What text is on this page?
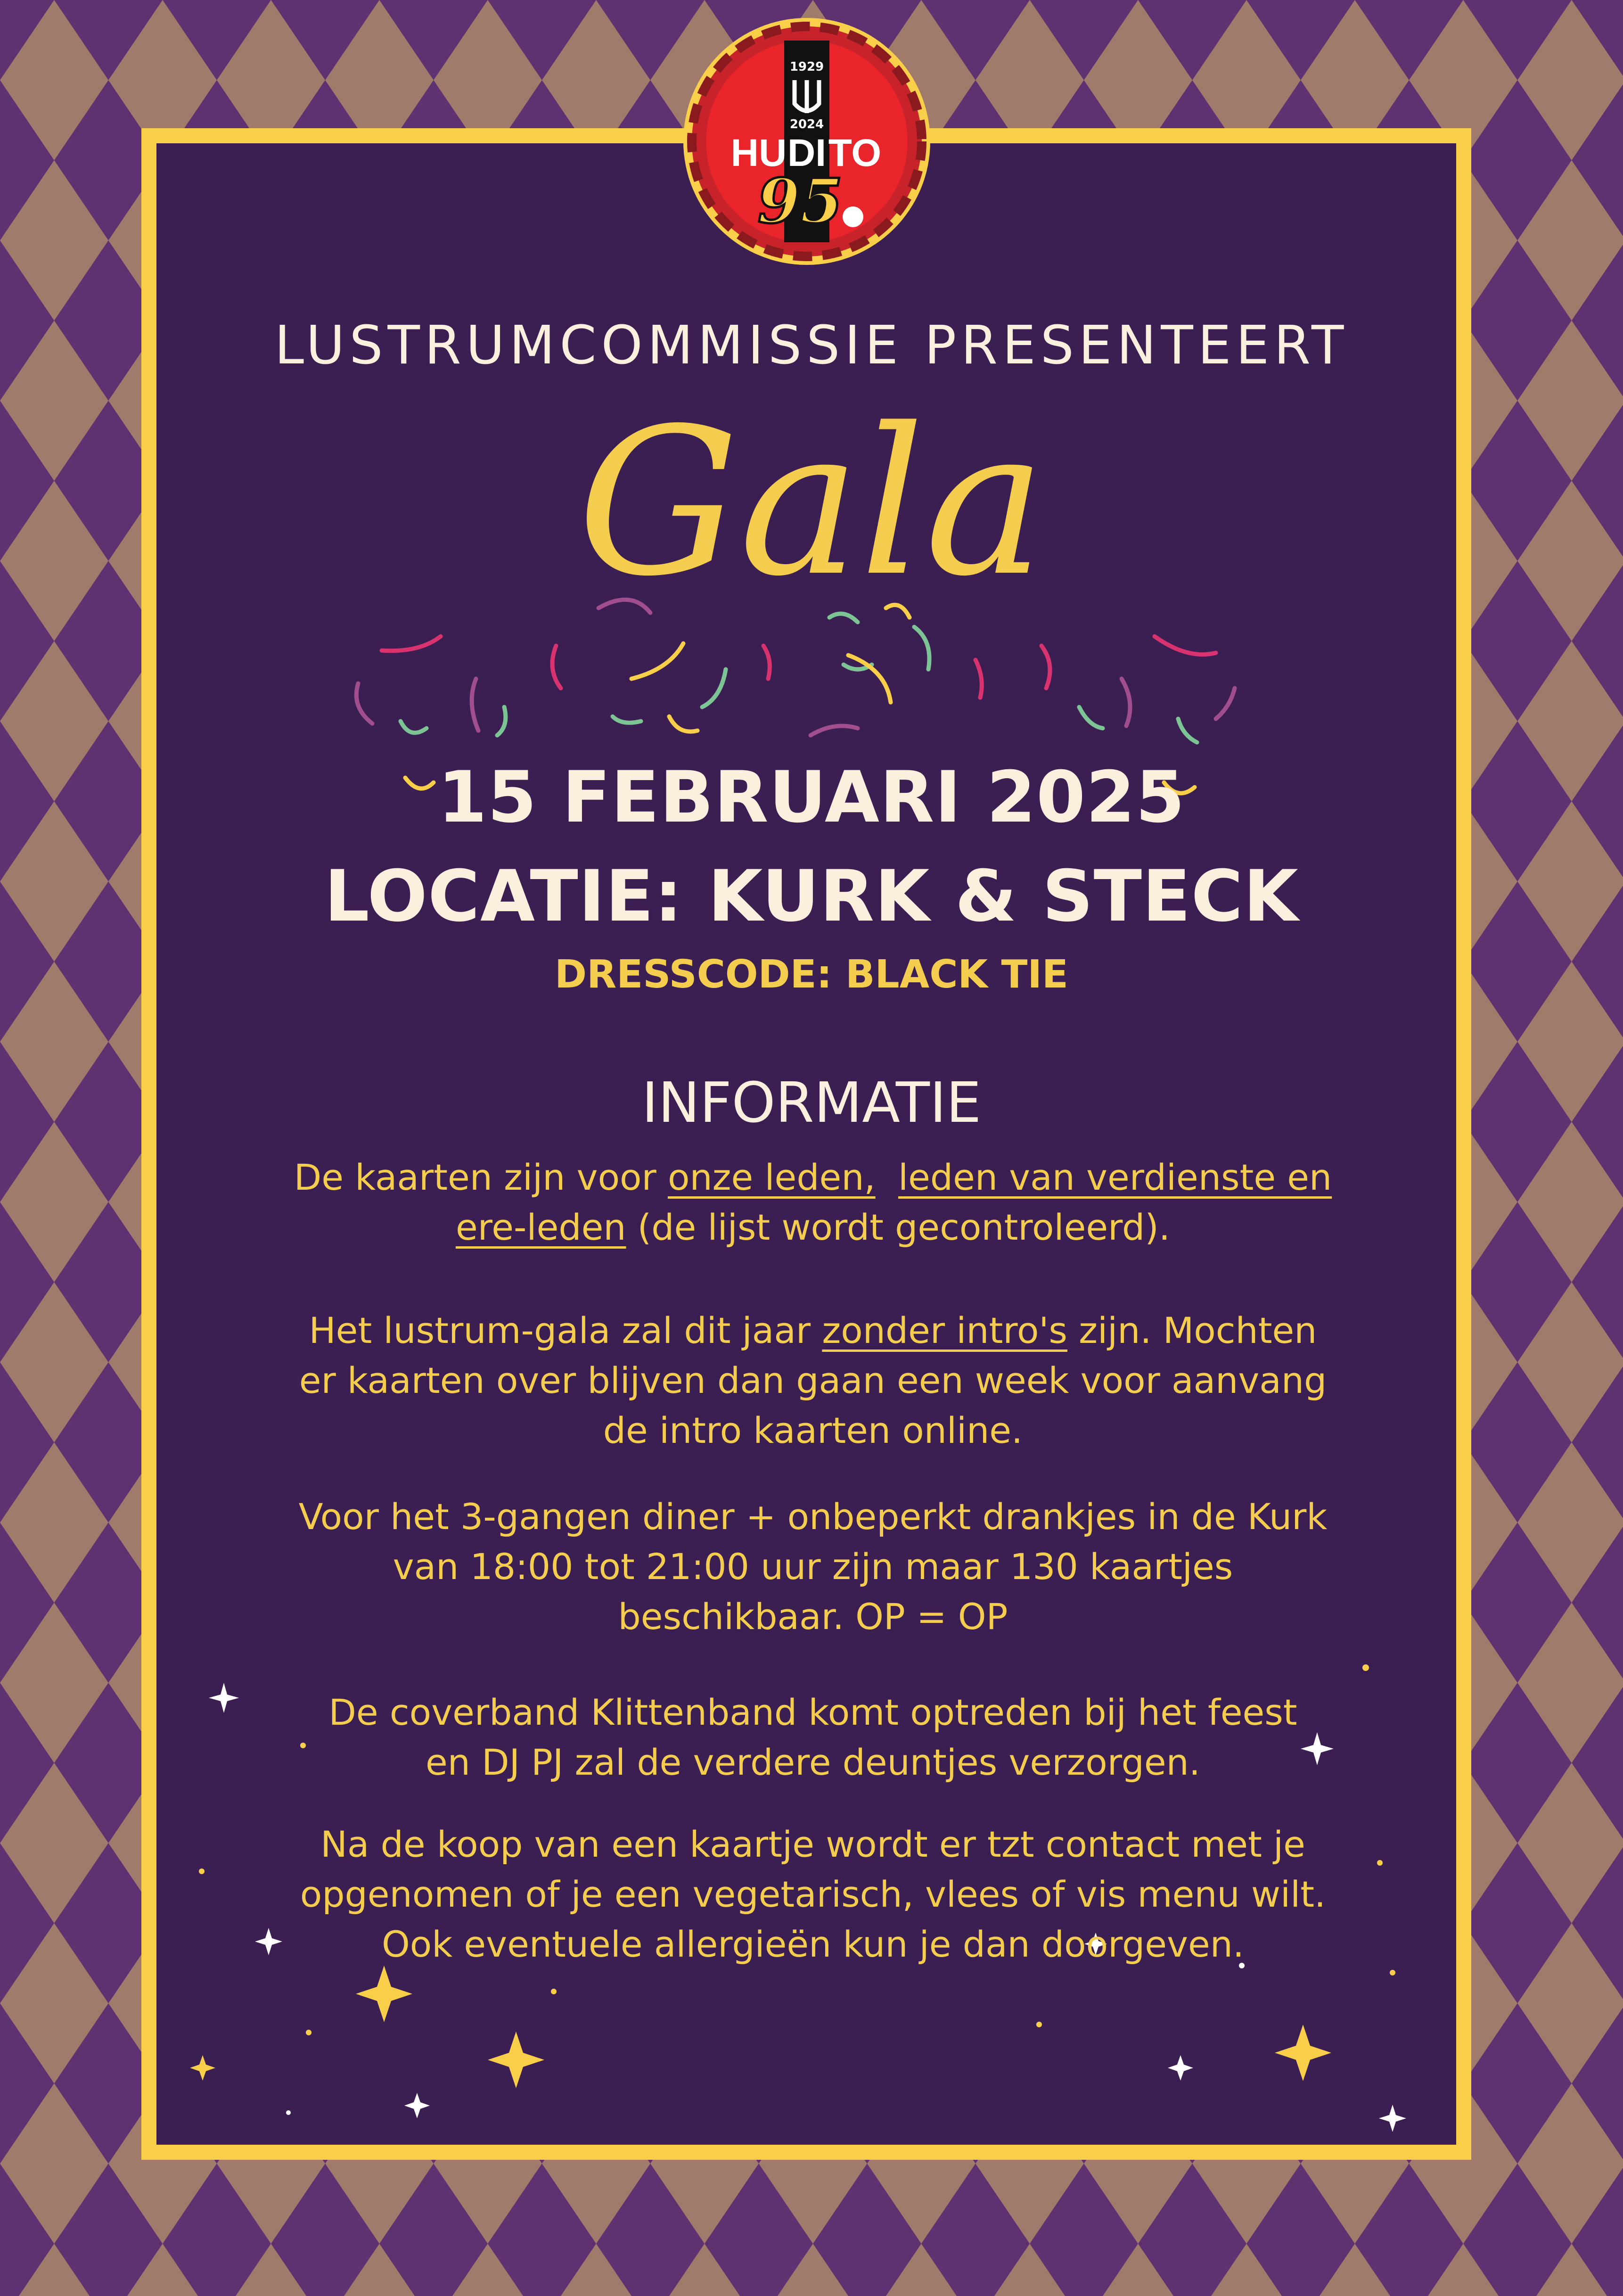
1929
2024
HU DI TO
95
Gala
LUSTRUMCOMMISSIE PRESENTEERT
15 FEBRUARI 2025
LOCATIE: KURK & STECK

DRESSCODE: BLACK TIE

INFORMATIE

De kaarten zijn voor onze leden, leden van verdienste en
ere-leden (de lijst wordt gecontroleerd).

Het lustrum-gala zal dit jaar zonder intro's zijn. Mochten
er kaarten over blijven dan gaan een week voor aanvang
de intro kaarten online.

Voor het 3-gangen diner + onbeperkt drankjes in de Kurk
van 18:00 tot 21:00 uur zijn maar 130 kaartjes
beschikbaar. OP = OP

De coverband Klittenband komt optreden bij het feest
en DJ PJ zal de verdere deuntjes verzorgen.

Na de koop van een kaartje wordt er tzt contact met je
opgenomen of je een vegetarisch, vlees of vis menu wilt.
Ook eventuele allergieën kun je dan doorgeven.
